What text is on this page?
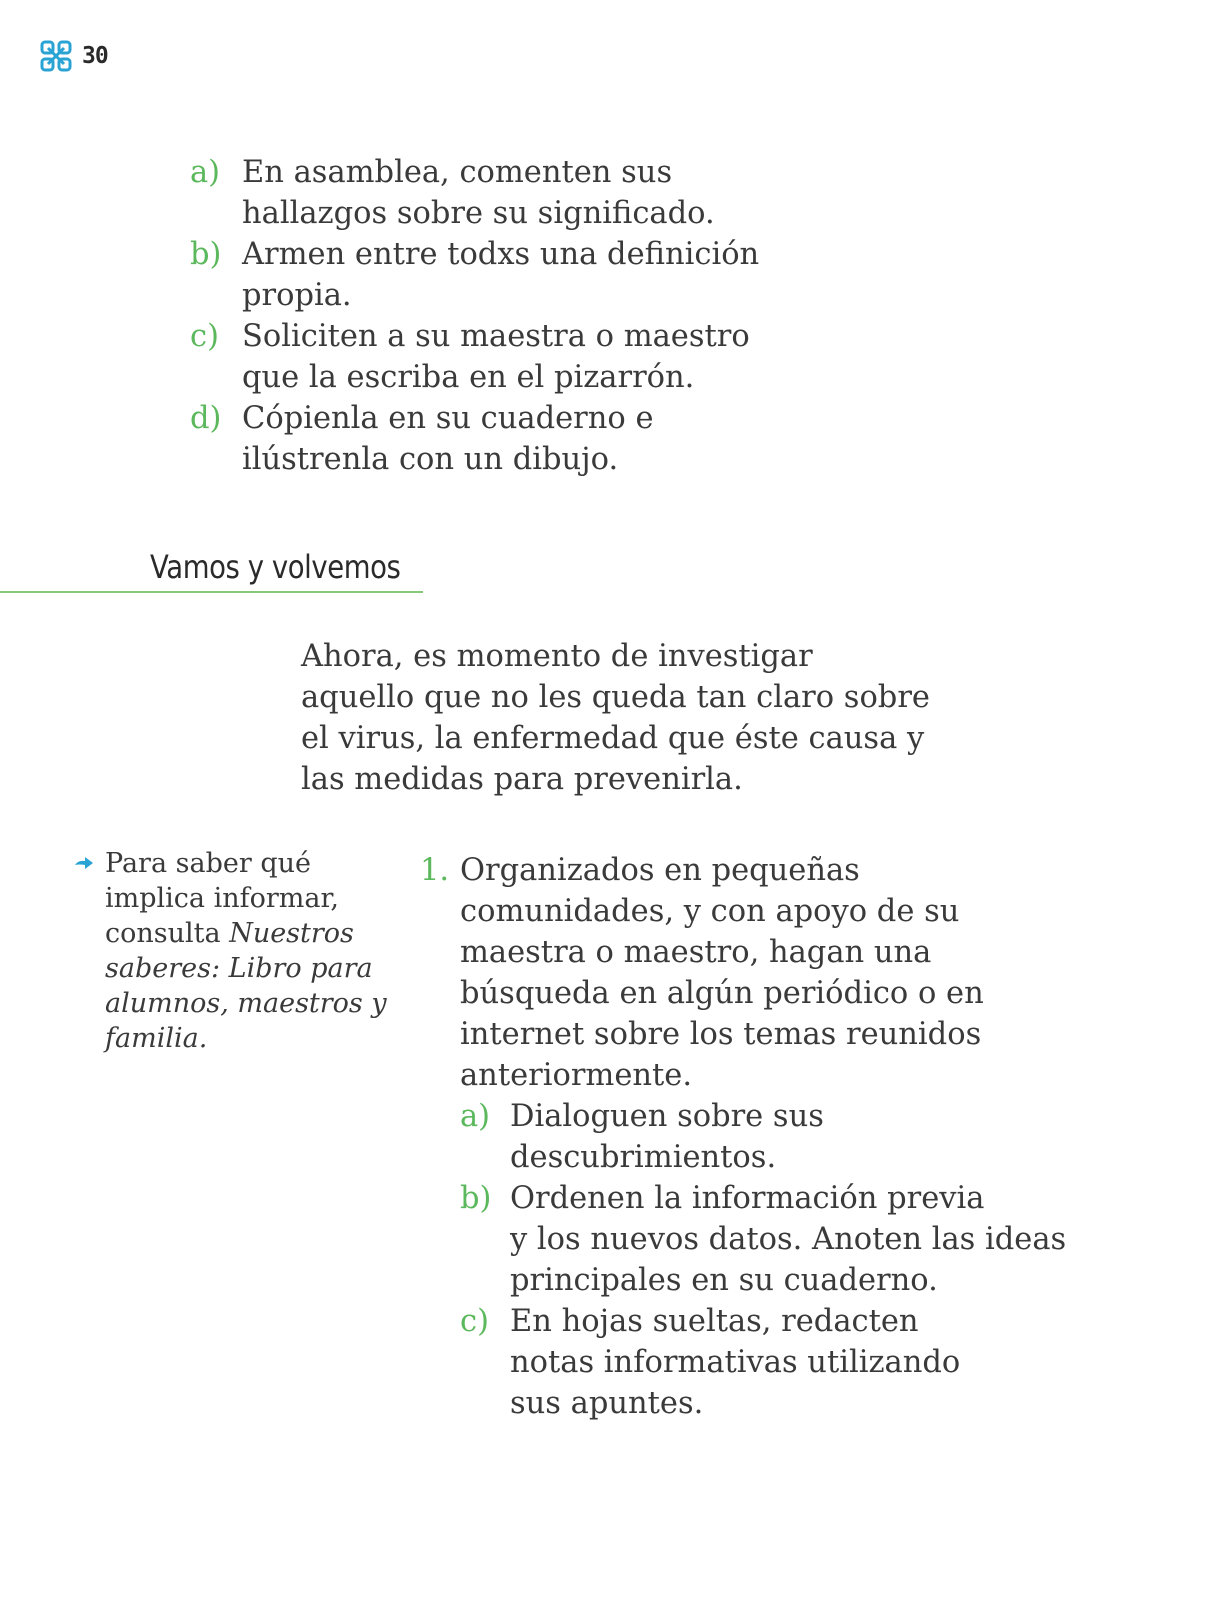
30
a) En asamblea, comenten sus
hallazgos sobre su significado.
b) Armen entre todxs una definición
propia.
c) Soliciten a su maestra o maestro
que la escriba en el pizarrón.
d) Cópienla en su cuaderno e
ilústrenla con un dibujo.
Vamos y volvemos

Ahora, es momento de investigar
aquello que no les queda tan claro sobre
el virus, la enfermedad que éste causa y
las medidas para prevenirla.

Para saber qué
implica informar,
consulta Nuestros
saberes: Libro para
alumnos, maestros y
familia.

1. Organizados en pequeñas
comunidades, y con apoyo de su
maestra o maestro, hagan una
búsqueda en algún periódico o en
internet sobre los temas reunidos
anteriormente.
a) Dialoguen sobre sus
descubrimientos.
b) Ordenen la información previa
y los nuevos datos. Anoten las ideas
principales en su cuaderno.
c) En hojas sueltas, redacten
notas informativas utilizando
sus apuntes.
